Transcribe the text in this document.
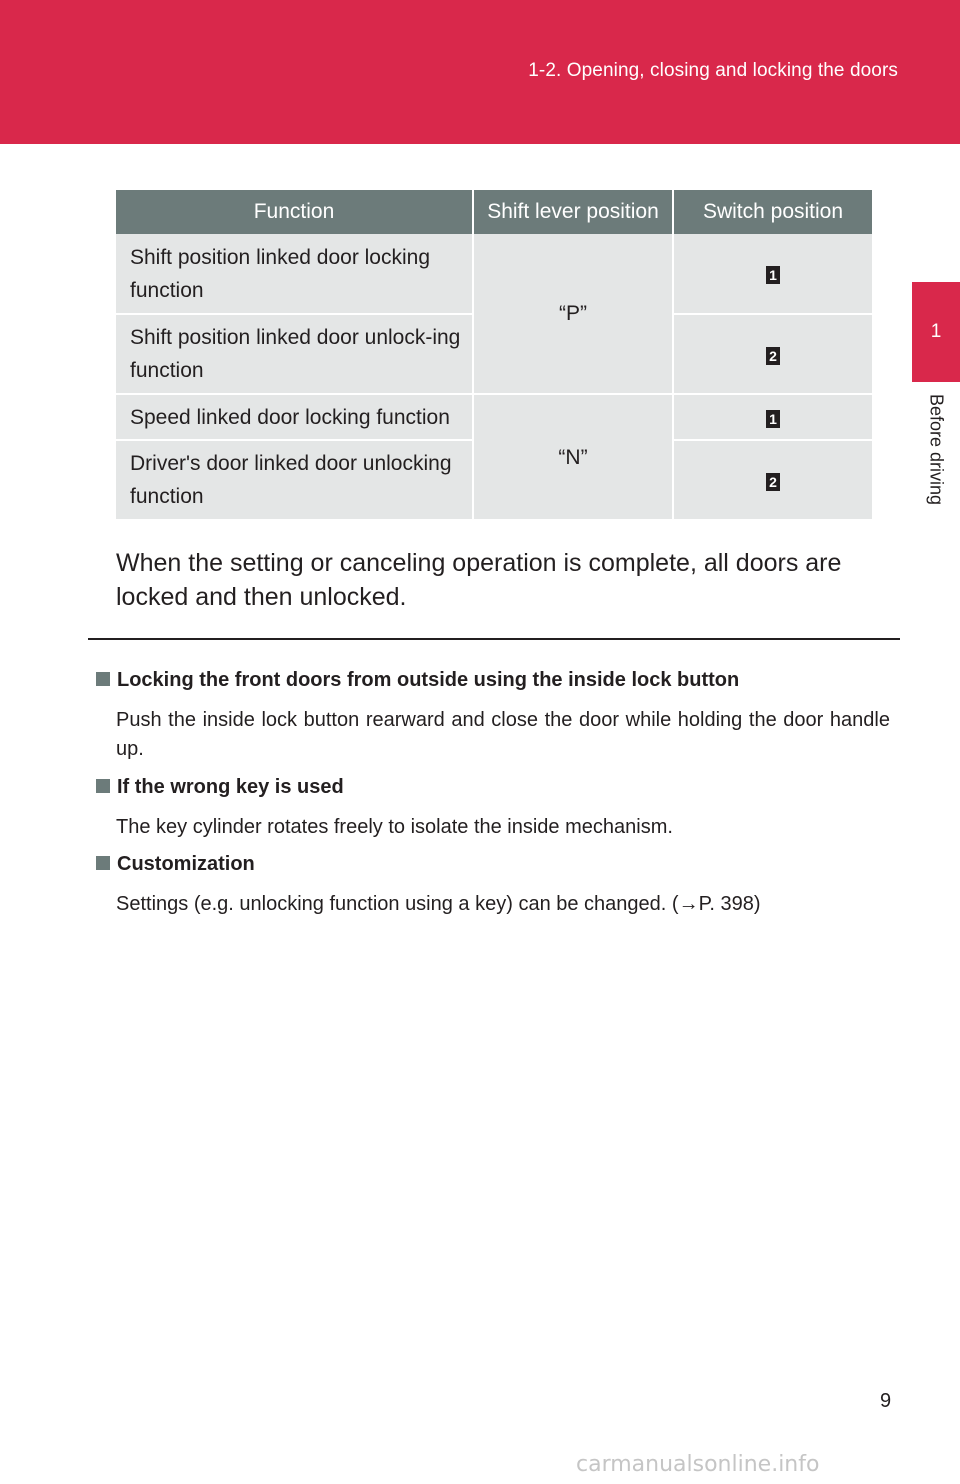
1-2. Opening, closing and locking the doors
1
Before driving
Function	Shift lever position	Switch position
Shift position linked door locking function	“P”	1
Shift position linked door unlock-ing function		2
Speed linked door locking function	“N”	1
Driver's door linked door unlocking function		2

When the setting or canceling operation is complete, all doors are locked and then unlocked.

Locking the front doors from outside using the inside lock button

Push the inside lock button rearward and close the door while holding the door handle up.

If the wrong key is used

The key cylinder rotates freely to isolate the inside mechanism.

Customization

Settings (e.g. unlocking function using a key) can be changed. (→P. 398)

9
carmanualsonline.info
